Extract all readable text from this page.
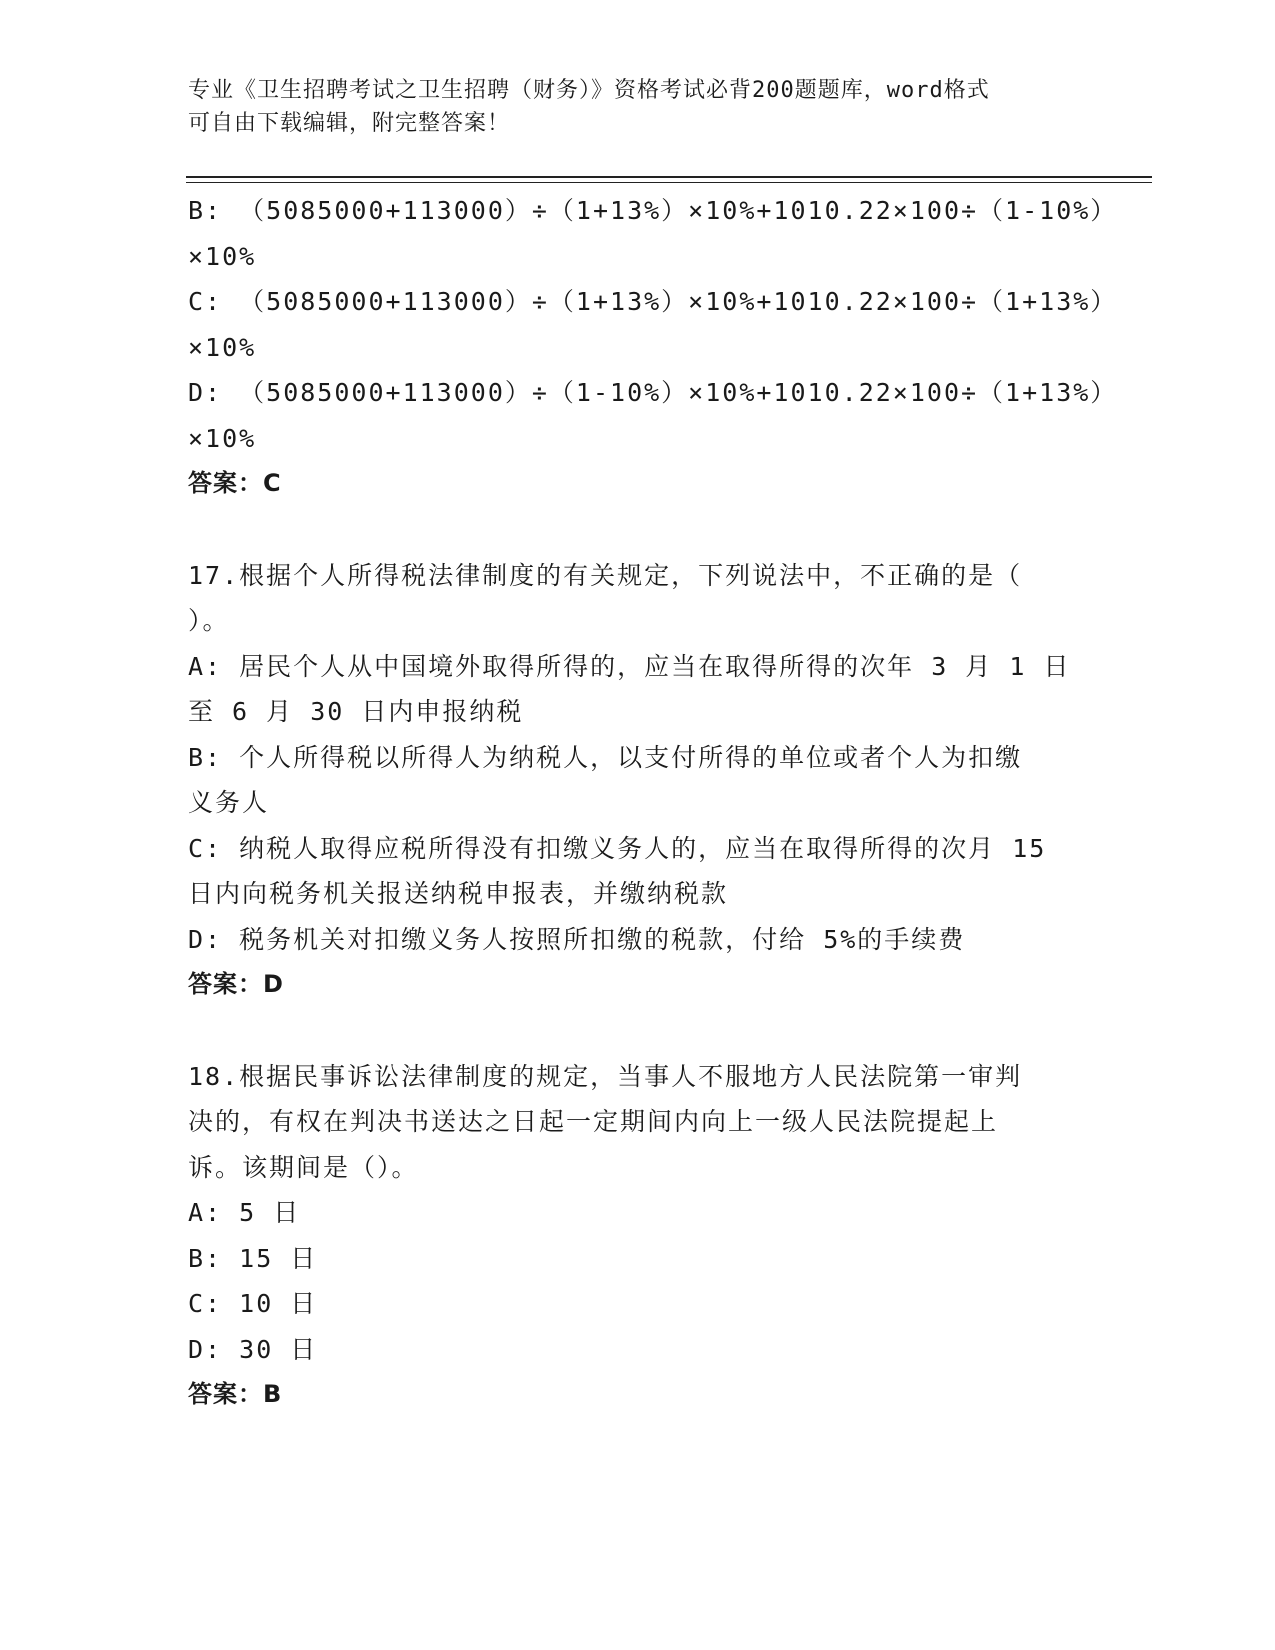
专业《卫生招聘考试之卫生招聘（财务）》资格考试必背200题题库，word格式
可自由下载编辑，附完整答案！
B: （5085000+113000）÷（1+13%）×10%+1010.22×100÷（1-10%）
×10%
C: （5085000+113000）÷（1+13%）×10%+1010.22×100÷（1+13%）
×10%
D: （5085000+113000）÷（1-10%）×10%+1010.22×100÷（1+13%）
×10%
答案：C
17.根据个人所得税法律制度的有关规定，下列说法中，不正确的是（
）。
A: 居民个人从中国境外取得所得的，应当在取得所得的次年 3 月 1 日
至 6 月 30 日内申报纳税
B: 个人所得税以所得人为纳税人，以支付所得的单位或者个人为扣缴
义务人
C: 纳税人取得应税所得没有扣缴义务人的，应当在取得所得的次月 15
日内向税务机关报送纳税申报表，并缴纳税款
D: 税务机关对扣缴义务人按照所扣缴的税款，付给 5%的手续费
答案：D
18.根据民事诉讼法律制度的规定，当事人不服地方人民法院第一审判
决的，有权在判决书送达之日起一定期间内向上一级人民法院提起上
诉。该期间是（）。
A: 5 日
B: 15 日
C: 10 日
D: 30 日
答案：B
